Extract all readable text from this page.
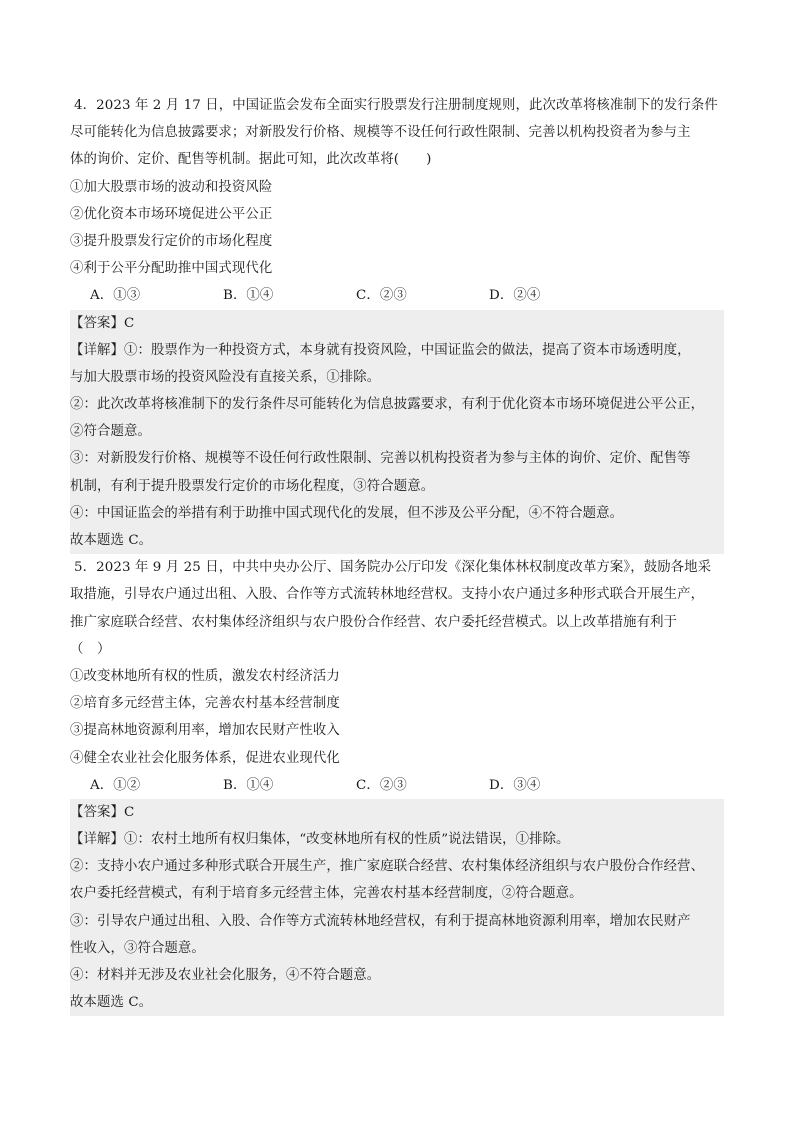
4．2023 年 2 月 17 日，中国证监会发布全面实行股票发行注册制度规则，此次改革将核准制下的发行条件
尽可能转化为信息披露要求；对新股发行价格、规模等不设任何行政性限制、完善以机构投资者为参与主
体的询价、定价、配售等机制。据此可知，此次改革将(　　)
①加大股票市场的波动和投资风险
②优化资本市场环境促进公平公正
③提升股票发行定价的市场化程度
④利于公平分配助推中国式现代化
A．①③	B．①④	C．②③	D．②④
【答案】C
【详解】①：股票作为一种投资方式，本身就有投资风险，中国证监会的做法，提高了资本市场透明度，
与加大股票市场的投资风险没有直接关系，①排除。
②：此次改革将核准制下的发行条件尽可能转化为信息披露要求，有利于优化资本市场环境促进公平公正，
②符合题意。
③：对新股发行价格、规模等不设任何行政性限制、完善以机构投资者为参与主体的询价、定价、配售等
机制，有利于提升股票发行定价的市场化程度，③符合题意。
④：中国证监会的举措有利于助推中国式现代化的发展，但不涉及公平分配，④不符合题意。
故本题选 C。
5．2023 年 9 月 25 日，中共中央办公厅、国务院办公厅印发《深化集体林权制度改革方案》，鼓励各地采
取措施，引导农户通过出租、入股、合作等方式流转林地经营权。支持小农户通过多种形式联合开展生产，
推广家庭联合经营、农村集体经济组织与农户股份合作经营、农户委托经营模式。以上改革措施有利于
（　）
①改变林地所有权的性质，激发农村经济活力
②培育多元经营主体，完善农村基本经营制度
③提高林地资源利用率，增加农民财产性收入
④健全农业社会化服务体系，促进农业现代化
A．①②	B．①④	C．②③	D．③④
【答案】C
【详解】①：农村土地所有权归集体，“改变林地所有权的性质”说法错误，①排除。
②：支持小农户通过多种形式联合开展生产，推广家庭联合经营、农村集体经济组织与农户股份合作经营、
农户委托经营模式，有利于培育多元经营主体，完善农村基本经营制度，②符合题意。
③：引导农户通过出租、入股、合作等方式流转林地经营权，有利于提高林地资源利用率，增加农民财产
性收入，③符合题意。
④：材料并无涉及农业社会化服务，④不符合题意。
故本题选 C。
